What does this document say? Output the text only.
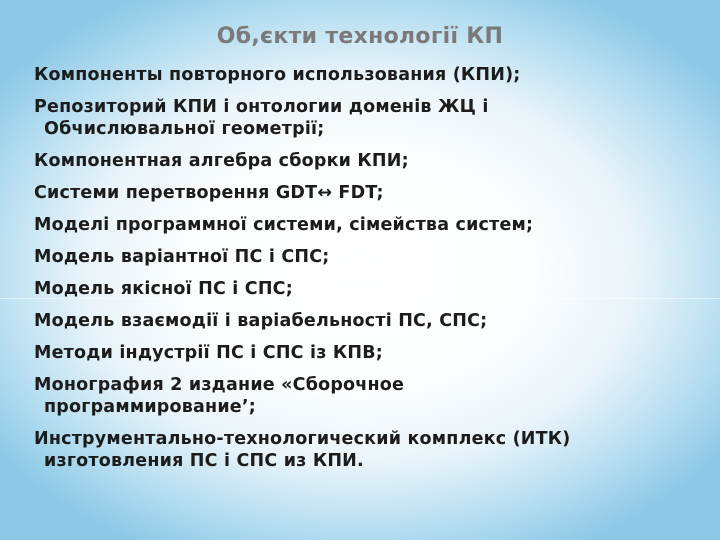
Об,єкти технології КП
Компоненты повторного использования (КПИ);
Репозиторий КПИ і онтологии доменів ЖЦ і
Обчислювальної геометрії;
Компонентная алгебра сборки КПИ;
Системи перетворення GDT↔ FDT;
Моделі программної системи, сімейства систем;
Модель варіантної ПС і СПС;
Модель якісної ПС і СПС;
Модель взаємодії і варіабельності ПС, СПС;
Методи індустрії ПС і СПС із КПВ;
Монография 2 издание «Сборочное
программирование’;
Инструментально-технологический комплекс (ИТК)
изготовления ПС і СПС из КПИ.
